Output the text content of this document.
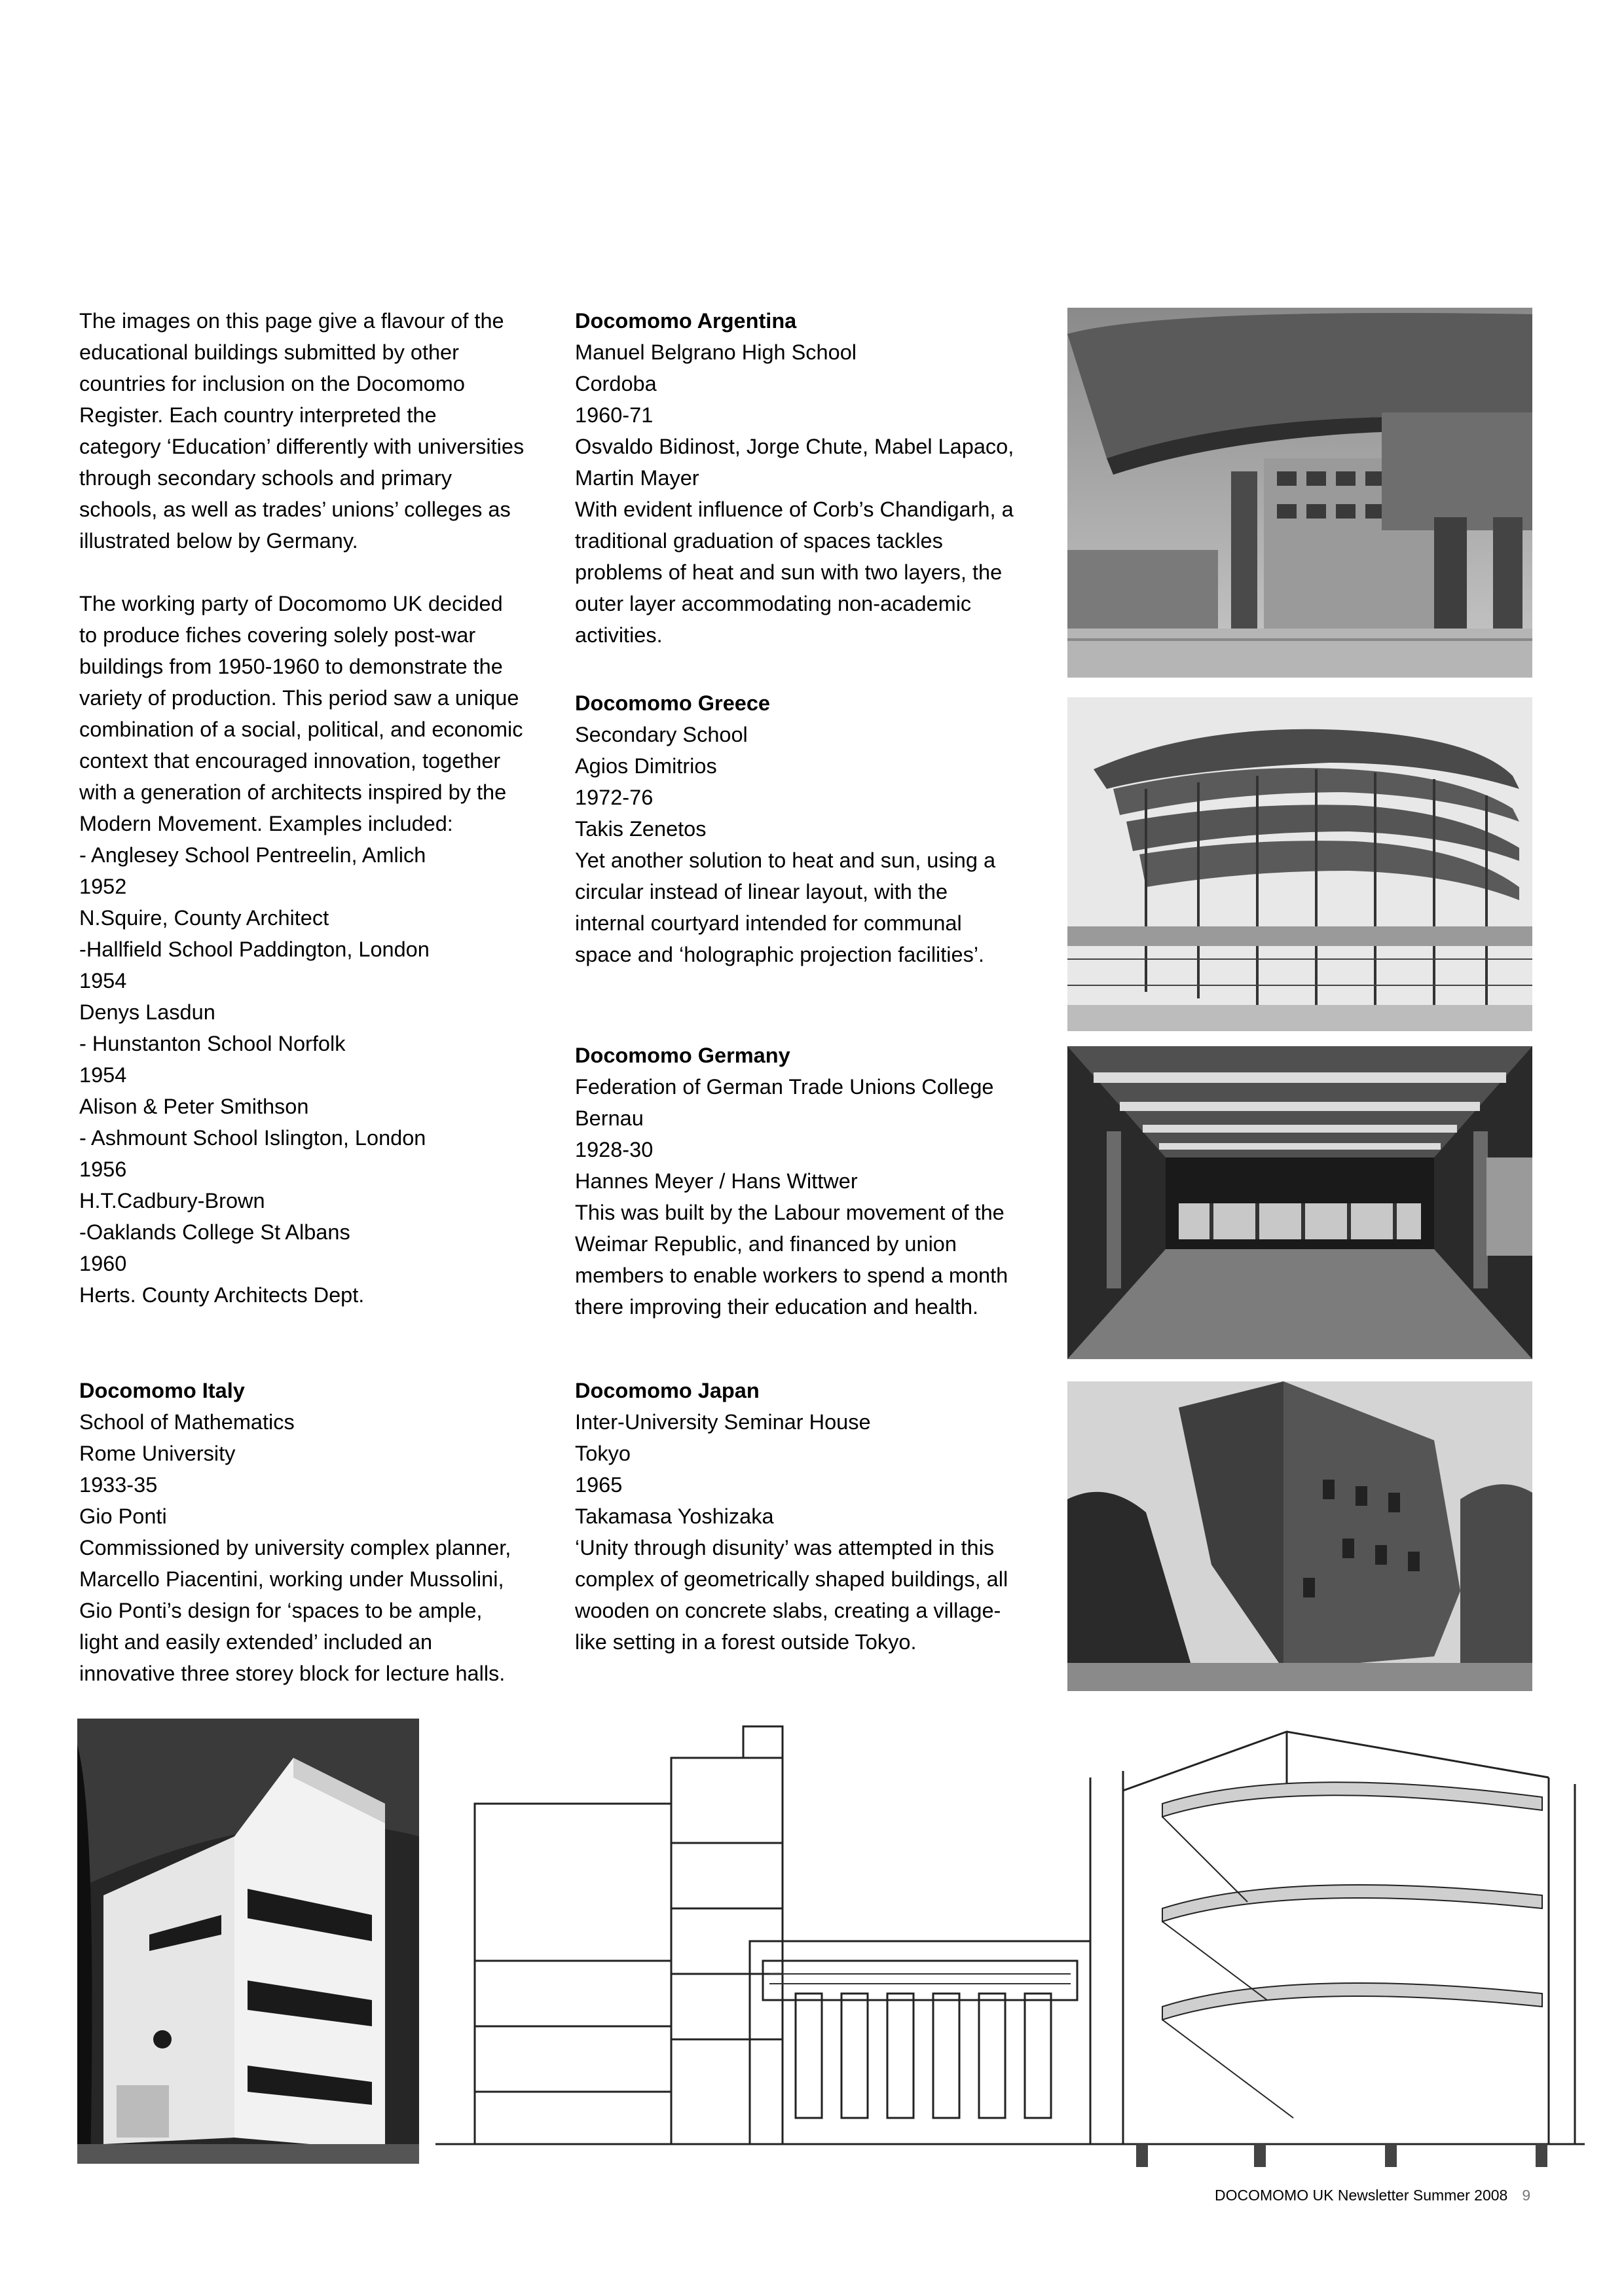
The images on this page give a flavour of the
educational buildings submitted by other
countries for inclusion on the Docomomo
Register. Each country interpreted the
category ‘Education’ differently with universities
through secondary schools and primary
schools, as well as trades’ unions’ colleges as
illustrated below by Germany.

The working party of Docomomo UK decided
to produce fiches covering solely post-war
buildings from 1950-1960 to demonstrate the
variety of production. This period saw a unique
combination of a social, political, and economic
context that encouraged innovation, together
with a generation of architects inspired by the
Modern Movement. Examples included:
- Anglesey School Pentreelin, Amlich
1952
N.Squire, County Architect
-Hallfield School Paddington, London
1954
Denys Lasdun
- Hunstanton School Norfolk
1954
Alison & Peter Smithson
- Ashmount School Islington, London
1956
H.T.Cadbury-Brown
-Oaklands College St Albans
1960
Herts. County Architects Dept.
Docomomo Argentina
Manuel Belgrano High School
Cordoba
1960-71
Osvaldo Bidinost, Jorge Chute, Mabel Lapaco,
Martin Mayer
With evident influence of Corb’s Chandigarh, a
traditional graduation of spaces tackles
problems of heat and sun with two layers, the
outer layer accommodating non-academic
activities.
Docomomo Greece
Secondary School
Agios Dimitrios
1972-76
Takis Zenetos
Yet another solution to heat and sun, using a
circular instead of linear layout, with the
internal courtyard intended for communal
space and ‘holographic projection facilities’.
Docomomo Germany
Federation of German Trade Unions College
Bernau
1928-30
Hannes Meyer / Hans Wittwer
This was built by the Labour movement of the
Weimar Republic, and financed by union
members to enable workers to spend a month
there improving their education and health.
Docomomo Italy
School of Mathematics
Rome University
1933-35
Gio Ponti
Commissioned by university complex planner,
Marcello Piacentini, working under Mussolini,
Gio Ponti’s design for ‘spaces to be ample,
light and easily extended’ included an
innovative three storey block for lecture halls.
Docomomo Japan
Inter-University Seminar House
Tokyo
1965
Takamasa Yoshizaka
‘Unity through disunity’ was attempted in this
complex of geometrically shaped buildings, all
wooden on concrete slabs, creating a village-
like setting in a forest outside Tokyo.
DOCOMOMO UK Newsletter Summer 2008 9
